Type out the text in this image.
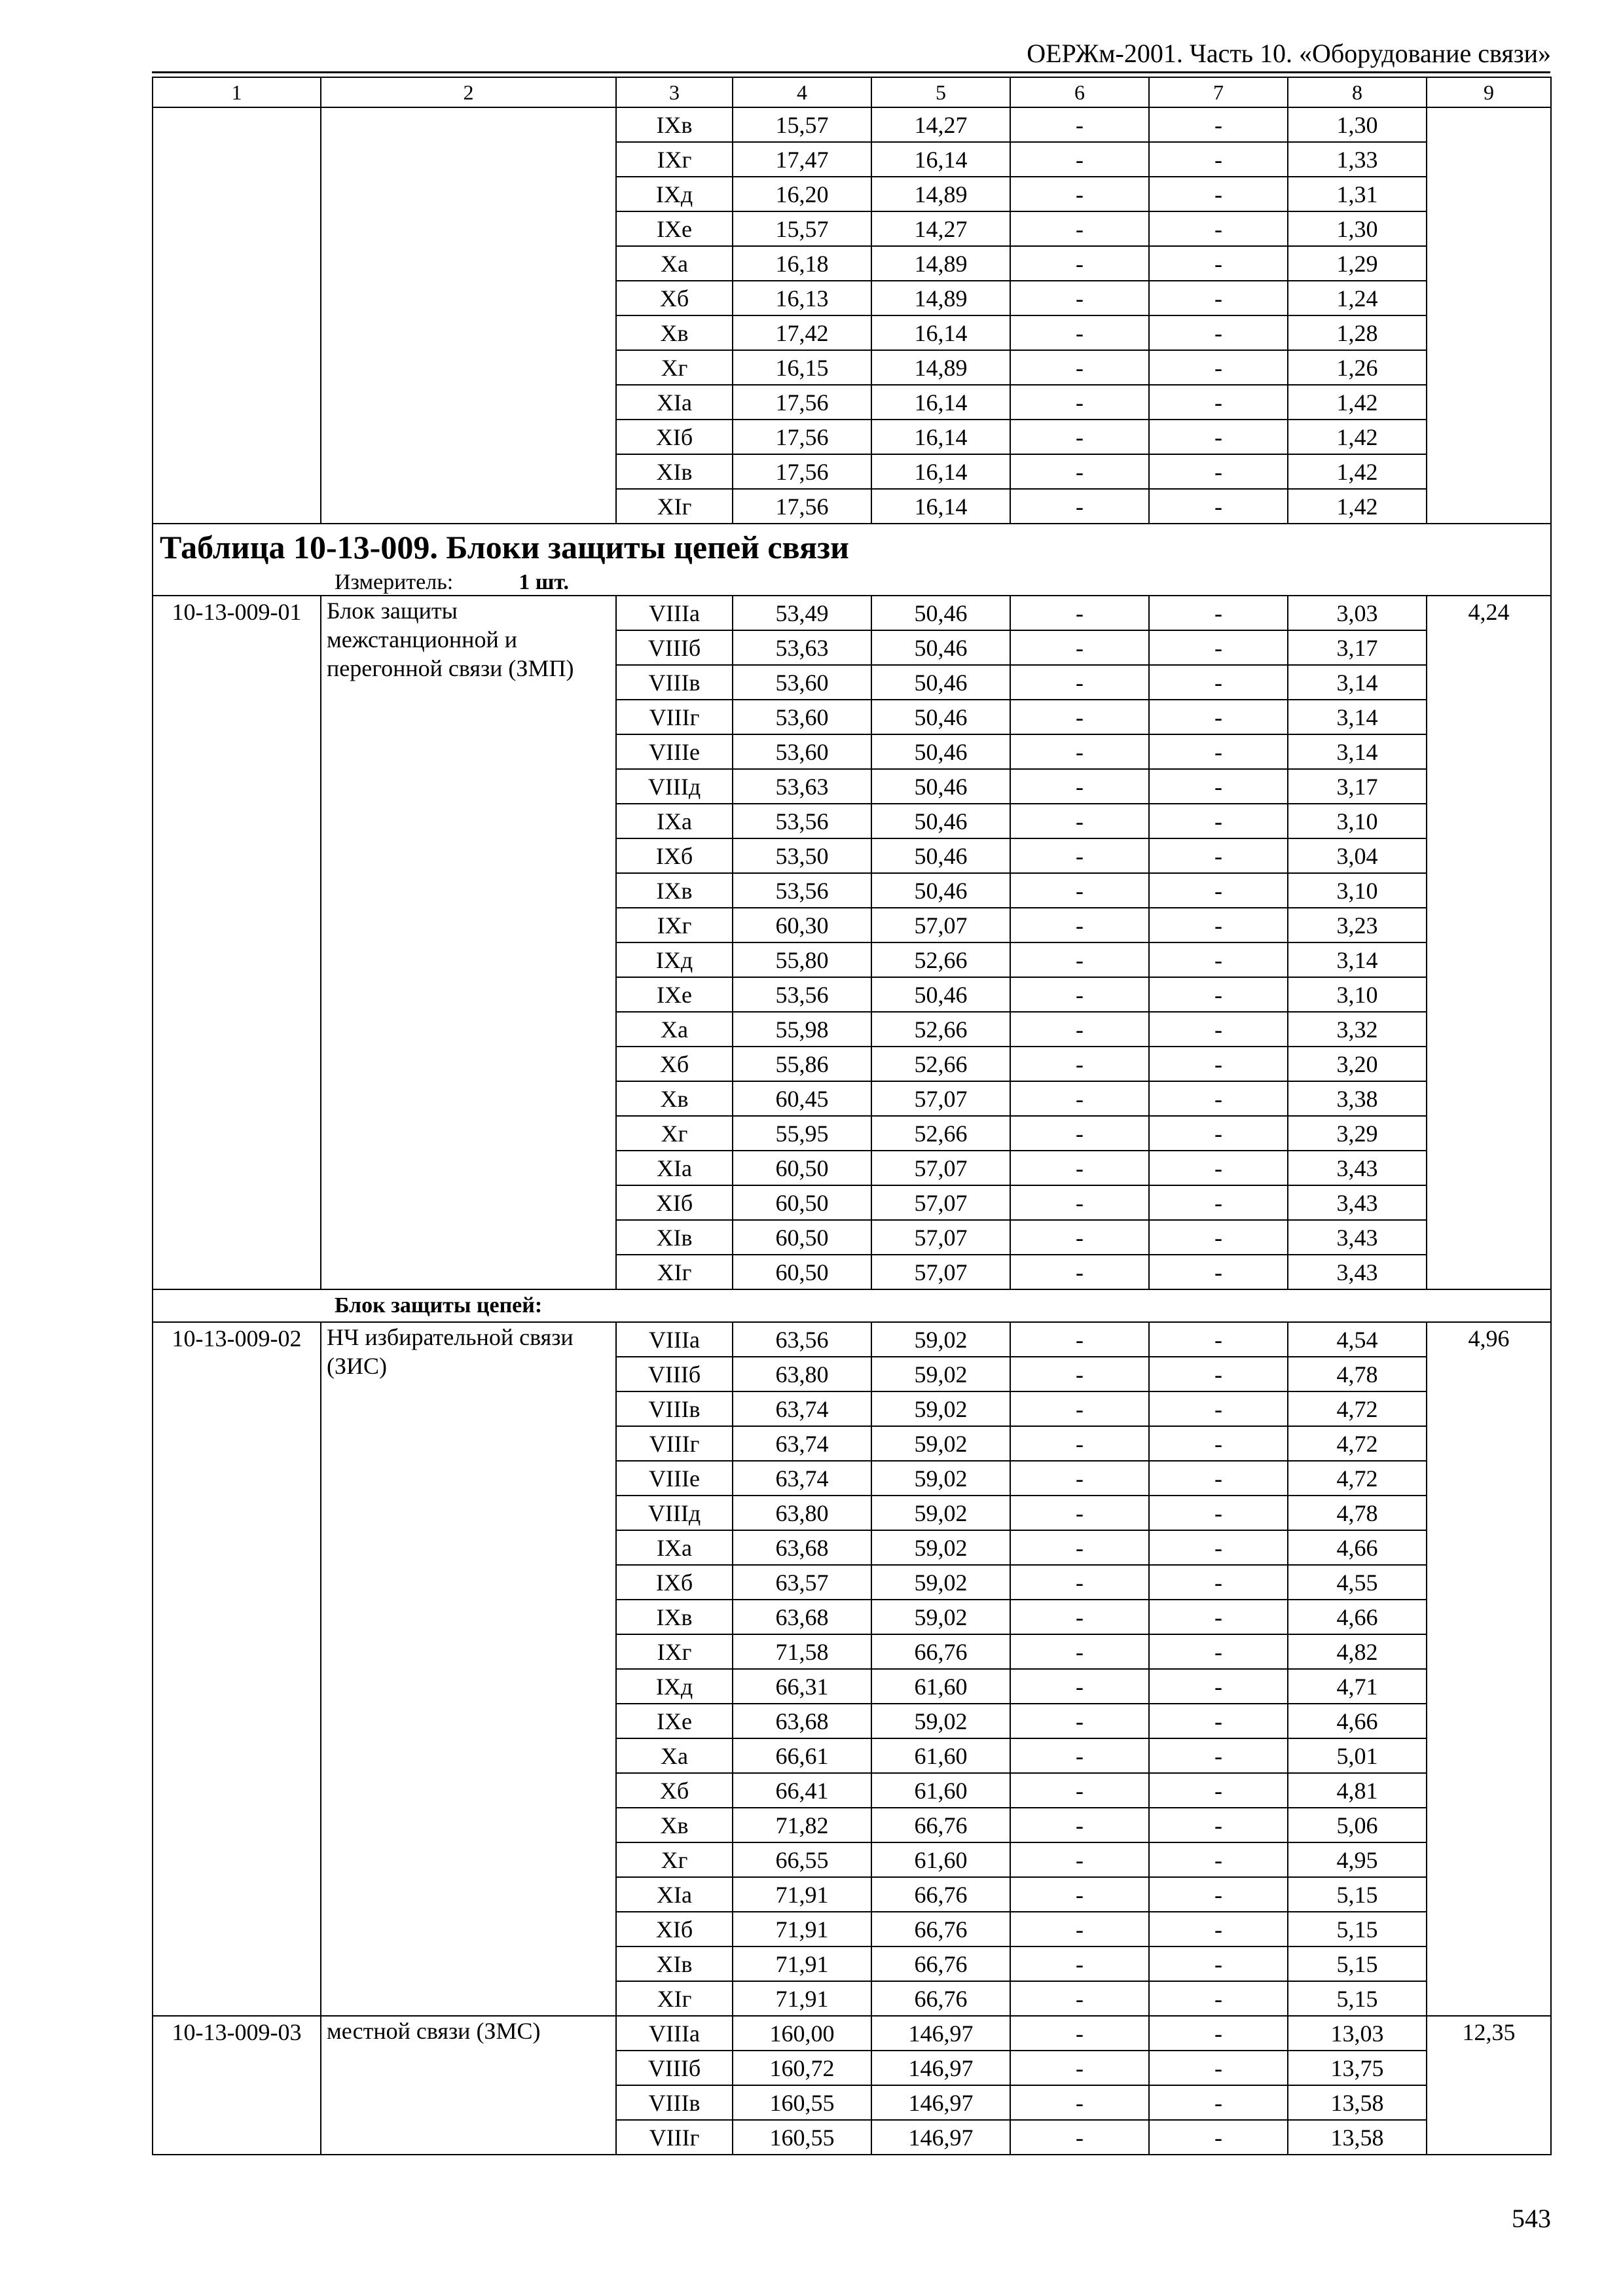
ОЕРЖм-2001. Часть 10. «Оборудование связи»
1	2	3	4	5	6	7	8	9
		IXв	15,57	14,27	-	-	1,30	
		IXг	17,47	16,14	-	-	1,33	
		IXд	16,20	14,89	-	-	1,31	
		IXе	15,57	14,27	-	-	1,30	
		Xа	16,18	14,89	-	-	1,29	
		Xб	16,13	14,89	-	-	1,24	
		Xв	17,42	16,14	-	-	1,28	
		Xг	16,15	14,89	-	-	1,26	
		XIа	17,56	16,14	-	-	1,42	
		XIб	17,56	16,14	-	-	1,42	
		XIв	17,56	16,14	-	-	1,42	
		XIг	17,56	16,14	-	-	1,42	
Таблица 10-13-009. Блоки защиты цепей связи								
Измеритель: 1 шт.								
10-13-009-01	Блок защиты межстанционной и перегонной связи (ЗМП)	VIIIа	53,49	50,46	-	-	3,03	4,24
		VIIIб	53,63	50,46	-	-	3,17	
		VIIIв	53,60	50,46	-	-	3,14	
		VIIIг	53,60	50,46	-	-	3,14	
		VIIIе	53,60	50,46	-	-	3,14	
		VIIIд	53,63	50,46	-	-	3,17	
		IXа	53,56	50,46	-	-	3,10	
		IXб	53,50	50,46	-	-	3,04	
		IXв	53,56	50,46	-	-	3,10	
		IXг	60,30	57,07	-	-	3,23	
		IXд	55,80	52,66	-	-	3,14	
		IXе	53,56	50,46	-	-	3,10	
		Xа	55,98	52,66	-	-	3,32	
		Xб	55,86	52,66	-	-	3,20	
		Xв	60,45	57,07	-	-	3,38	
		Xг	55,95	52,66	-	-	3,29	
		XIа	60,50	57,07	-	-	3,43	
		XIб	60,50	57,07	-	-	3,43	
		XIв	60,50	57,07	-	-	3,43	
		XIг	60,50	57,07	-	-	3,43	
Блок защиты цепей:								
10-13-009-02	НЧ избирательной связи (ЗИС)	VIIIа	63,56	59,02	-	-	4,54	4,96
		VIIIб	63,80	59,02	-	-	4,78	
		VIIIв	63,74	59,02	-	-	4,72	
		VIIIг	63,74	59,02	-	-	4,72	
		VIIIе	63,74	59,02	-	-	4,72	
		VIIIд	63,80	59,02	-	-	4,78	
		IXа	63,68	59,02	-	-	4,66	
		IXб	63,57	59,02	-	-	4,55	
		IXв	63,68	59,02	-	-	4,66	
		IXг	71,58	66,76	-	-	4,82	
		IXд	66,31	61,60	-	-	4,71	
		IXе	63,68	59,02	-	-	4,66	
		Xа	66,61	61,60	-	-	5,01	
		Xб	66,41	61,60	-	-	4,81	
		Xв	71,82	66,76	-	-	5,06	
		Xг	66,55	61,60	-	-	4,95	
		XIа	71,91	66,76	-	-	5,15	
		XIб	71,91	66,76	-	-	5,15	
		XIв	71,91	66,76	-	-	5,15	
		XIг	71,91	66,76	-	-	5,15	
10-13-009-03	местной связи (ЗМС)	VIIIа	160,00	146,97	-	-	13,03	12,35
		VIIIб	160,72	146,97	-	-	13,75	
		VIIIв	160,55	146,97	-	-	13,58	
		VIIIг	160,55	146,97	-	-	13,58	
543
